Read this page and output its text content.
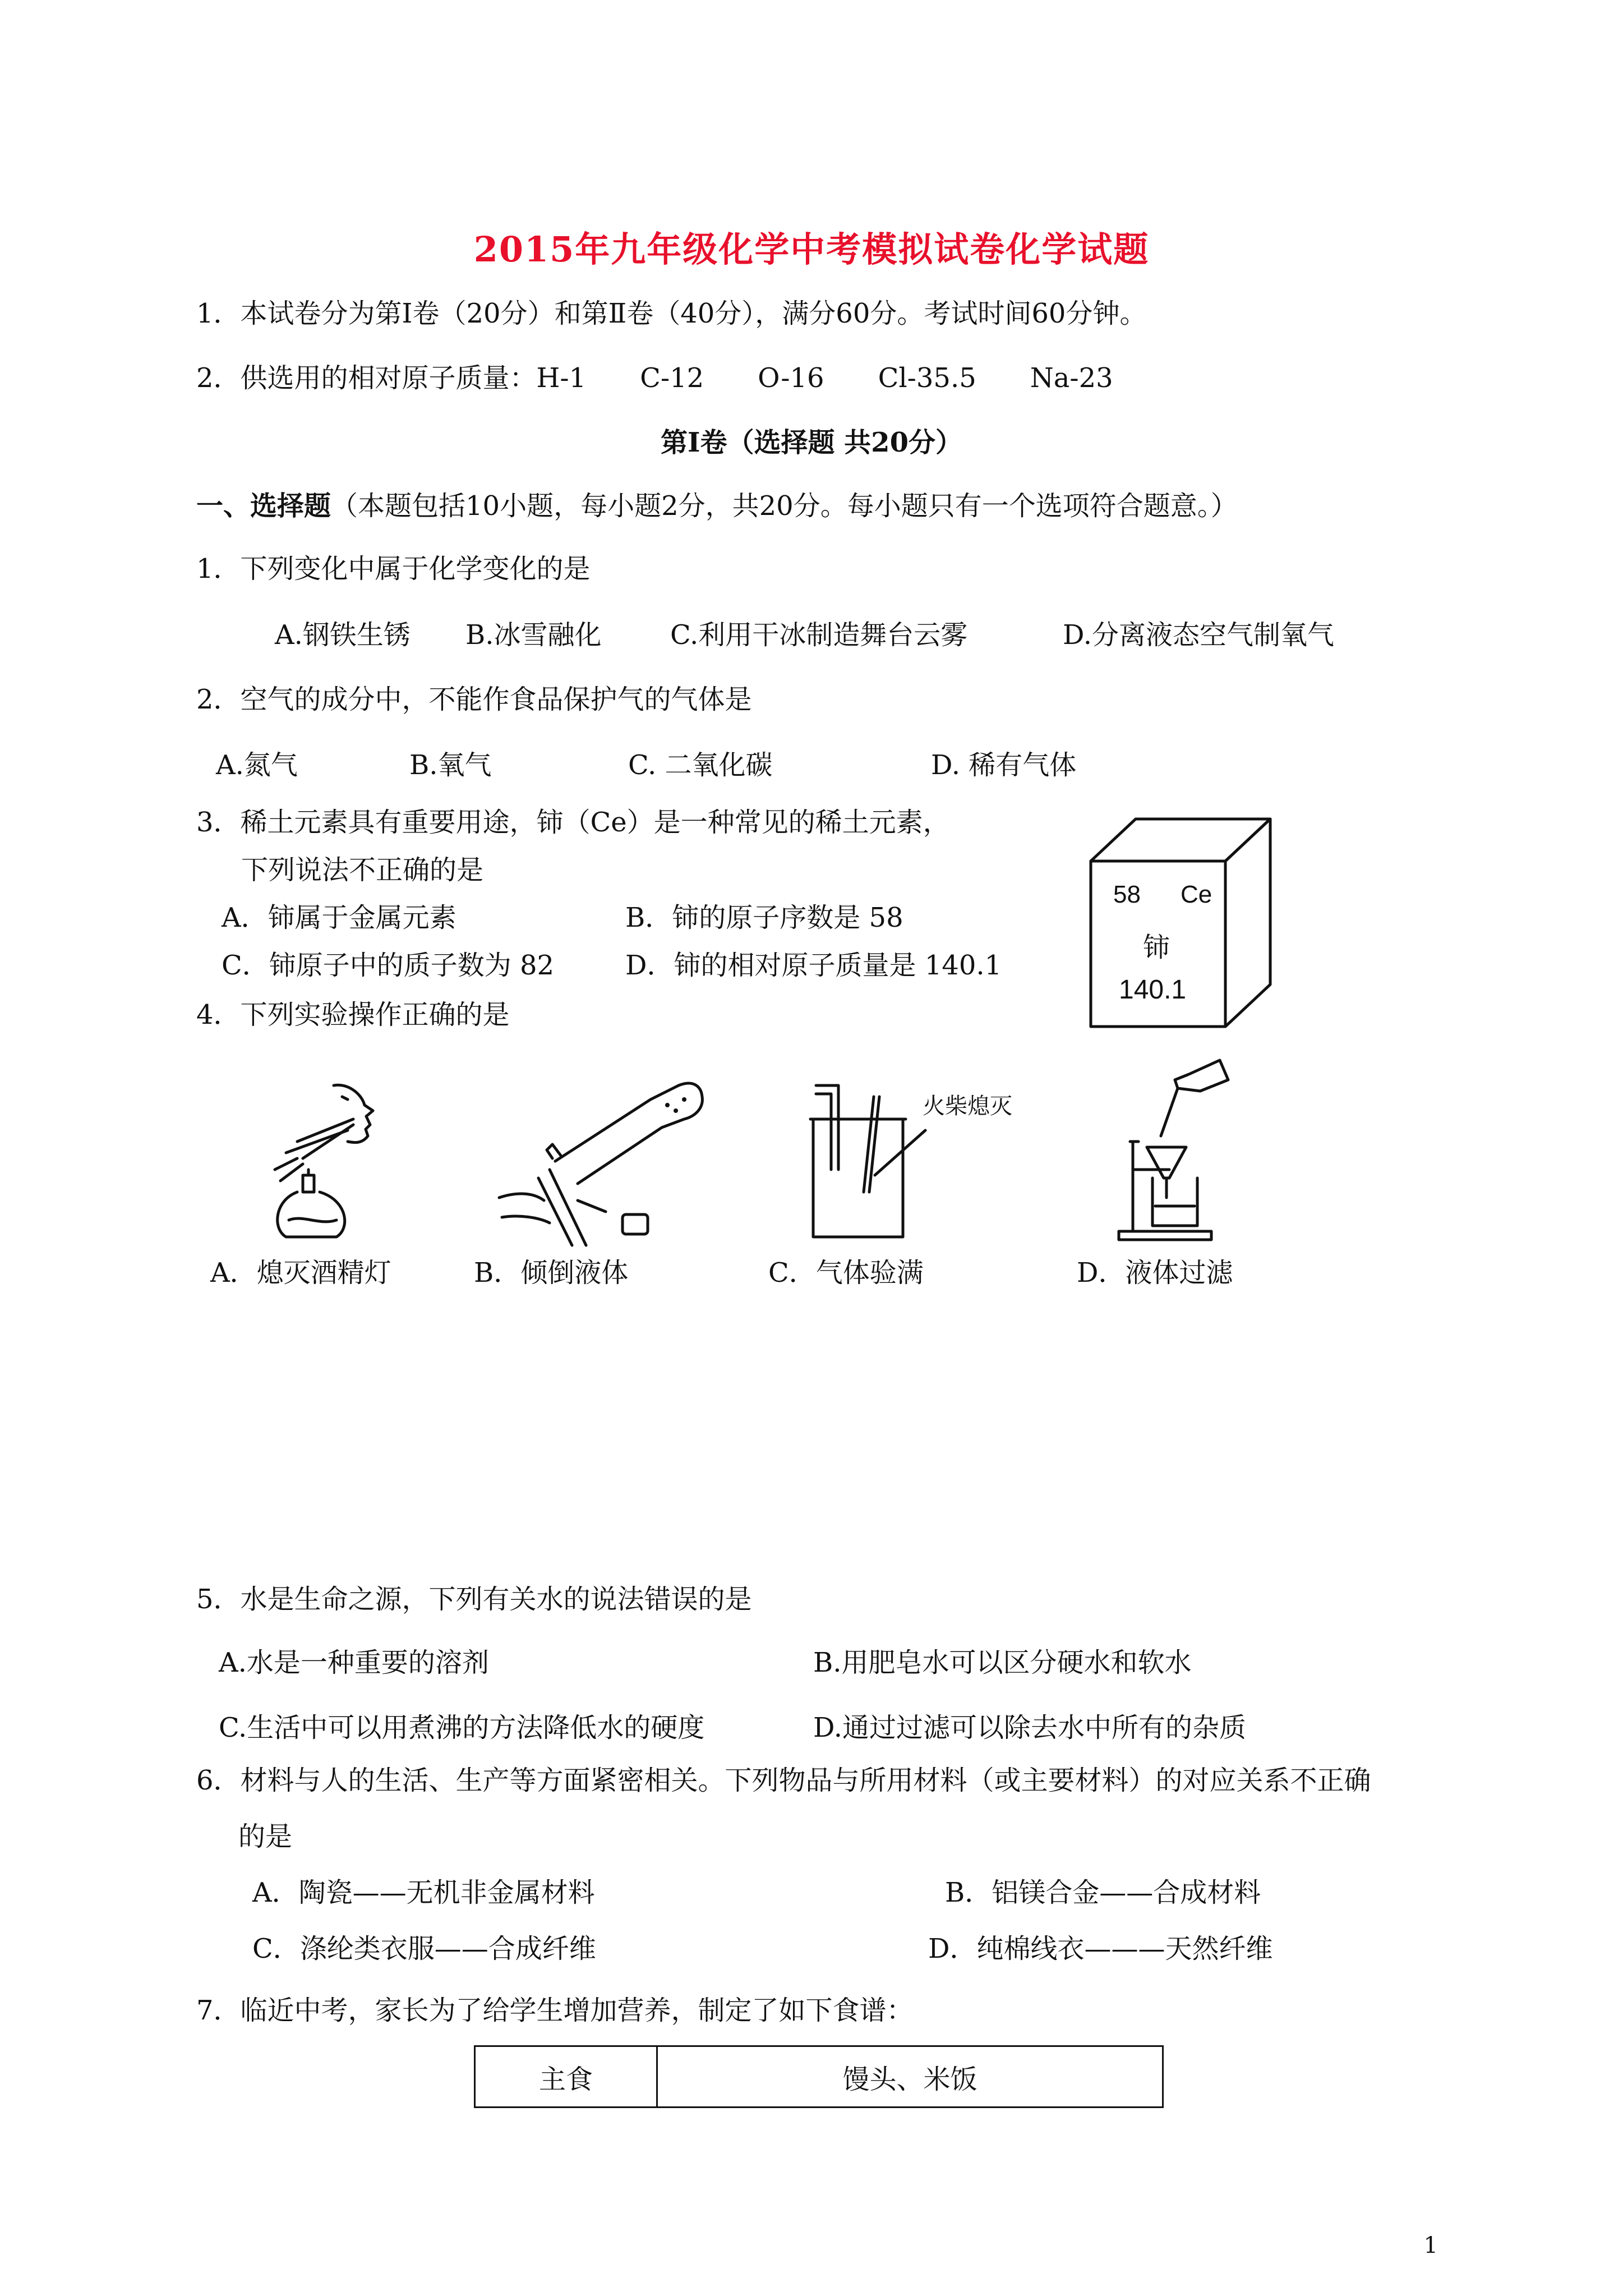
2015年九年级化学中考模拟试卷化学试题
1．本试卷分为第Ⅰ卷（20分）和第Ⅱ卷（40分），满分60分。考试时间60分钟。
2．供选用的相对原子质量：H-1　　C-12　　O-16　　Cl-35.5　　Na-23
第Ⅰ卷（选择题 共20分）
一、选择题（本题包括10小题，每小题2分，共20分。每小题只有一个选项符合题意。）
1．下列变化中属于化学变化的是
A.钢铁生锈 B.冰雪融化	C.利用干冰制造舞台云雾	D.分离液态空气制氧气
2．空气的成分中，不能作食品保护气的气体是
A.氮气	B.氧气	C. 二氧化碳	D. 稀有气体
3．稀土元素具有重要用途，铈（Ce）是一种常见的稀土元素，
下列说法不正确的是
A．铈属于金属元素	B．铈的原子序数是 58
C．铈原子中的质子数为 82	D．铈的相对原子质量是 140.1
58 Ce
铈
140.1
4．下列实验操作正确的是
A．熄灭酒精灯	B．倾倒液体
火柴熄灭
C．气体验满	D．液体过滤
5．水是生命之源，下列有关水的说法错误的是
A.水是一种重要的溶剂	B.用肥皂水可以区分硬水和软水
C.生活中可以用煮沸的方法降低水的硬度	D.通过过滤可以除去水中所有的杂质
6．材料与人的生活、生产等方面紧密相关。下列物品与所用材料（或主要材料）的对应关系不正确
的是
A．陶瓷——无机非金属材料	B．铝镁合金——合成材料
C．涤纶类衣服——合成纤维	D．纯棉线衣———天然纤维
7．临近中考，家长为了给学生增加营养，制定了如下食谱：
主食	馒头、米饭
1
